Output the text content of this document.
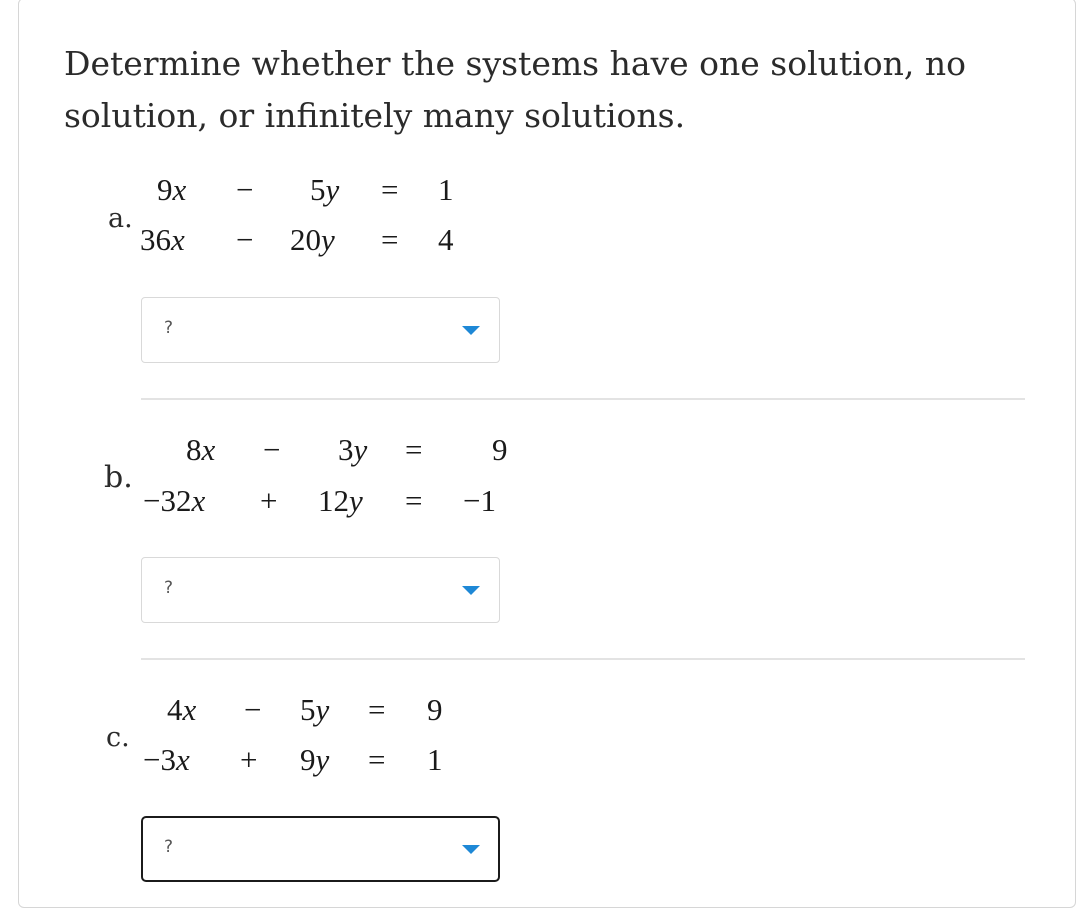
Determine whether the systems have one solution, no solution, or infinitely many solutions.

a.
9x − 5y = 1
36x − 20y = 4
?
b.
8x − 3y = 9
−32x + 12y = −1
?
c.
4x − 5y = 9
−3x + 9y = 1
?
